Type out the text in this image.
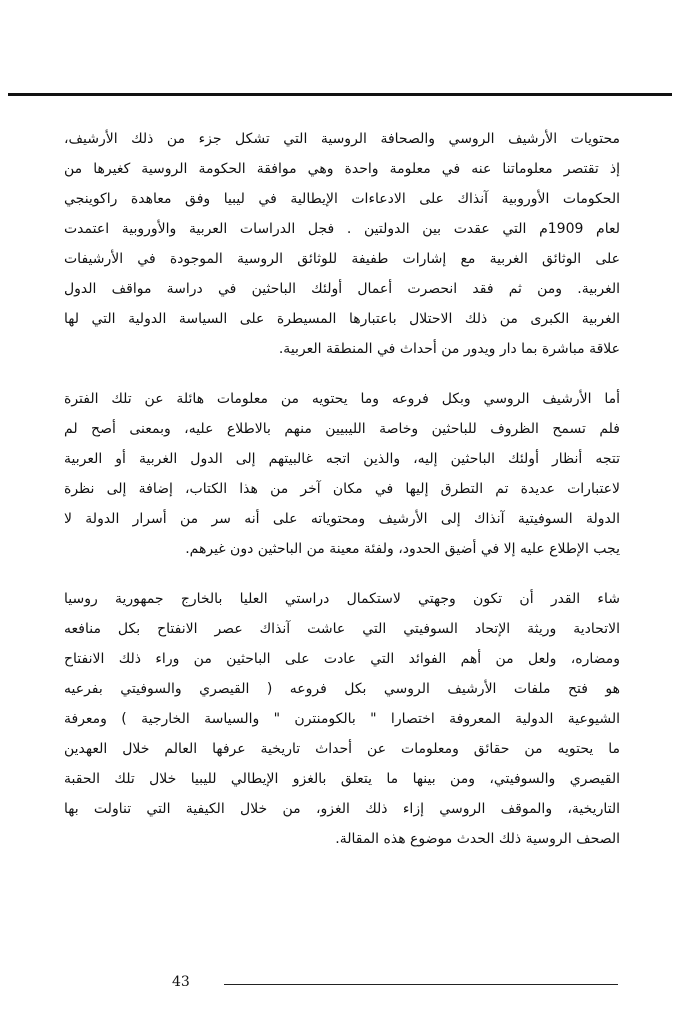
محتويات الأرشيف الروسي والصحافة الروسية التي تشكل جزء من ذلك الأرشيف،
إذ تقتصر معلوماتنا عنه في معلومة واحدة وهي موافقة الحكومة الروسية كغيرها من
الحكومات الأوروبية آنذاك على الادعاءات الإيطالية في ليبيا وفق معاهدة راكوينجي
لعام 1909م التي عقدت بين الدولتين . فجل الدراسات العربية والأوروبية اعتمدت
على الوثائق الغربية مع إشارات طفيفة للوثائق الروسية الموجودة في الأرشيفات
الغربية. ومن ثم فقد انحصرت أعمال أولئك الباحثين في دراسة مواقف الدول
الغربية الكبرى من ذلك الاحتلال باعتبارها المسيطرة على السياسة الدولية التي لها
علاقة مباشرة بما دار ويدور من أحداث في المنطقة العربية.
أما الأرشيف الروسي وبكل فروعه وما يحتويه من معلومات هائلة عن تلك الفترة
فلم تسمح الظروف للباحثين وخاصة الليبيين منهم بالاطلاع عليه، وبمعنى أصح لم
تتجه أنظار أولئك الباحثين إليه، والذين اتجه غالبيتهم إلى الدول الغربية أو العربية
لاعتبارات عديدة تم التطرق إليها في مكان آخر من هذا الكتاب، إضافة إلى نظرة
الدولة السوفيتية آنذاك إلى الأرشيف ومحتوياته على أنه سر من أسرار الدولة لا
يجب الإطلاع عليه إلا في أضيق الحدود، ولفئة معينة من الباحثين دون غيرهم.
شاء القدر أن تكون وجهتي لاستكمال دراستي العليا بالخارج جمهورية روسيا
الاتحادية وريثة الإتحاد السوفيتي التي عاشت آنذاك عصر الانفتاح بكل منافعه
ومضاره، ولعل من أهم الفوائد التي عادت على الباحثين من وراء ذلك الانفتاح
هو فتح ملفات الأرشيف الروسي بكل فروعه ( القيصري والسوفيتي بفرعيه
الشيوعية الدولية المعروفة اختصارا " بالكومنترن " والسياسة الخارجية ) ومعرفة
ما يحتويه من حقائق ومعلومات عن أحداث تاريخية عرفها العالم خلال العهدين
القيصري والسوفيتي، ومن بينها ما يتعلق بالغزو الإيطالي لليبيا خلال تلك الحقبة
التاريخية، والموقف الروسي إزاء ذلك الغزو، من خلال الكيفية التي تناولت بها
الصحف الروسية ذلك الحدث موضوع هذه المقالة.
43
